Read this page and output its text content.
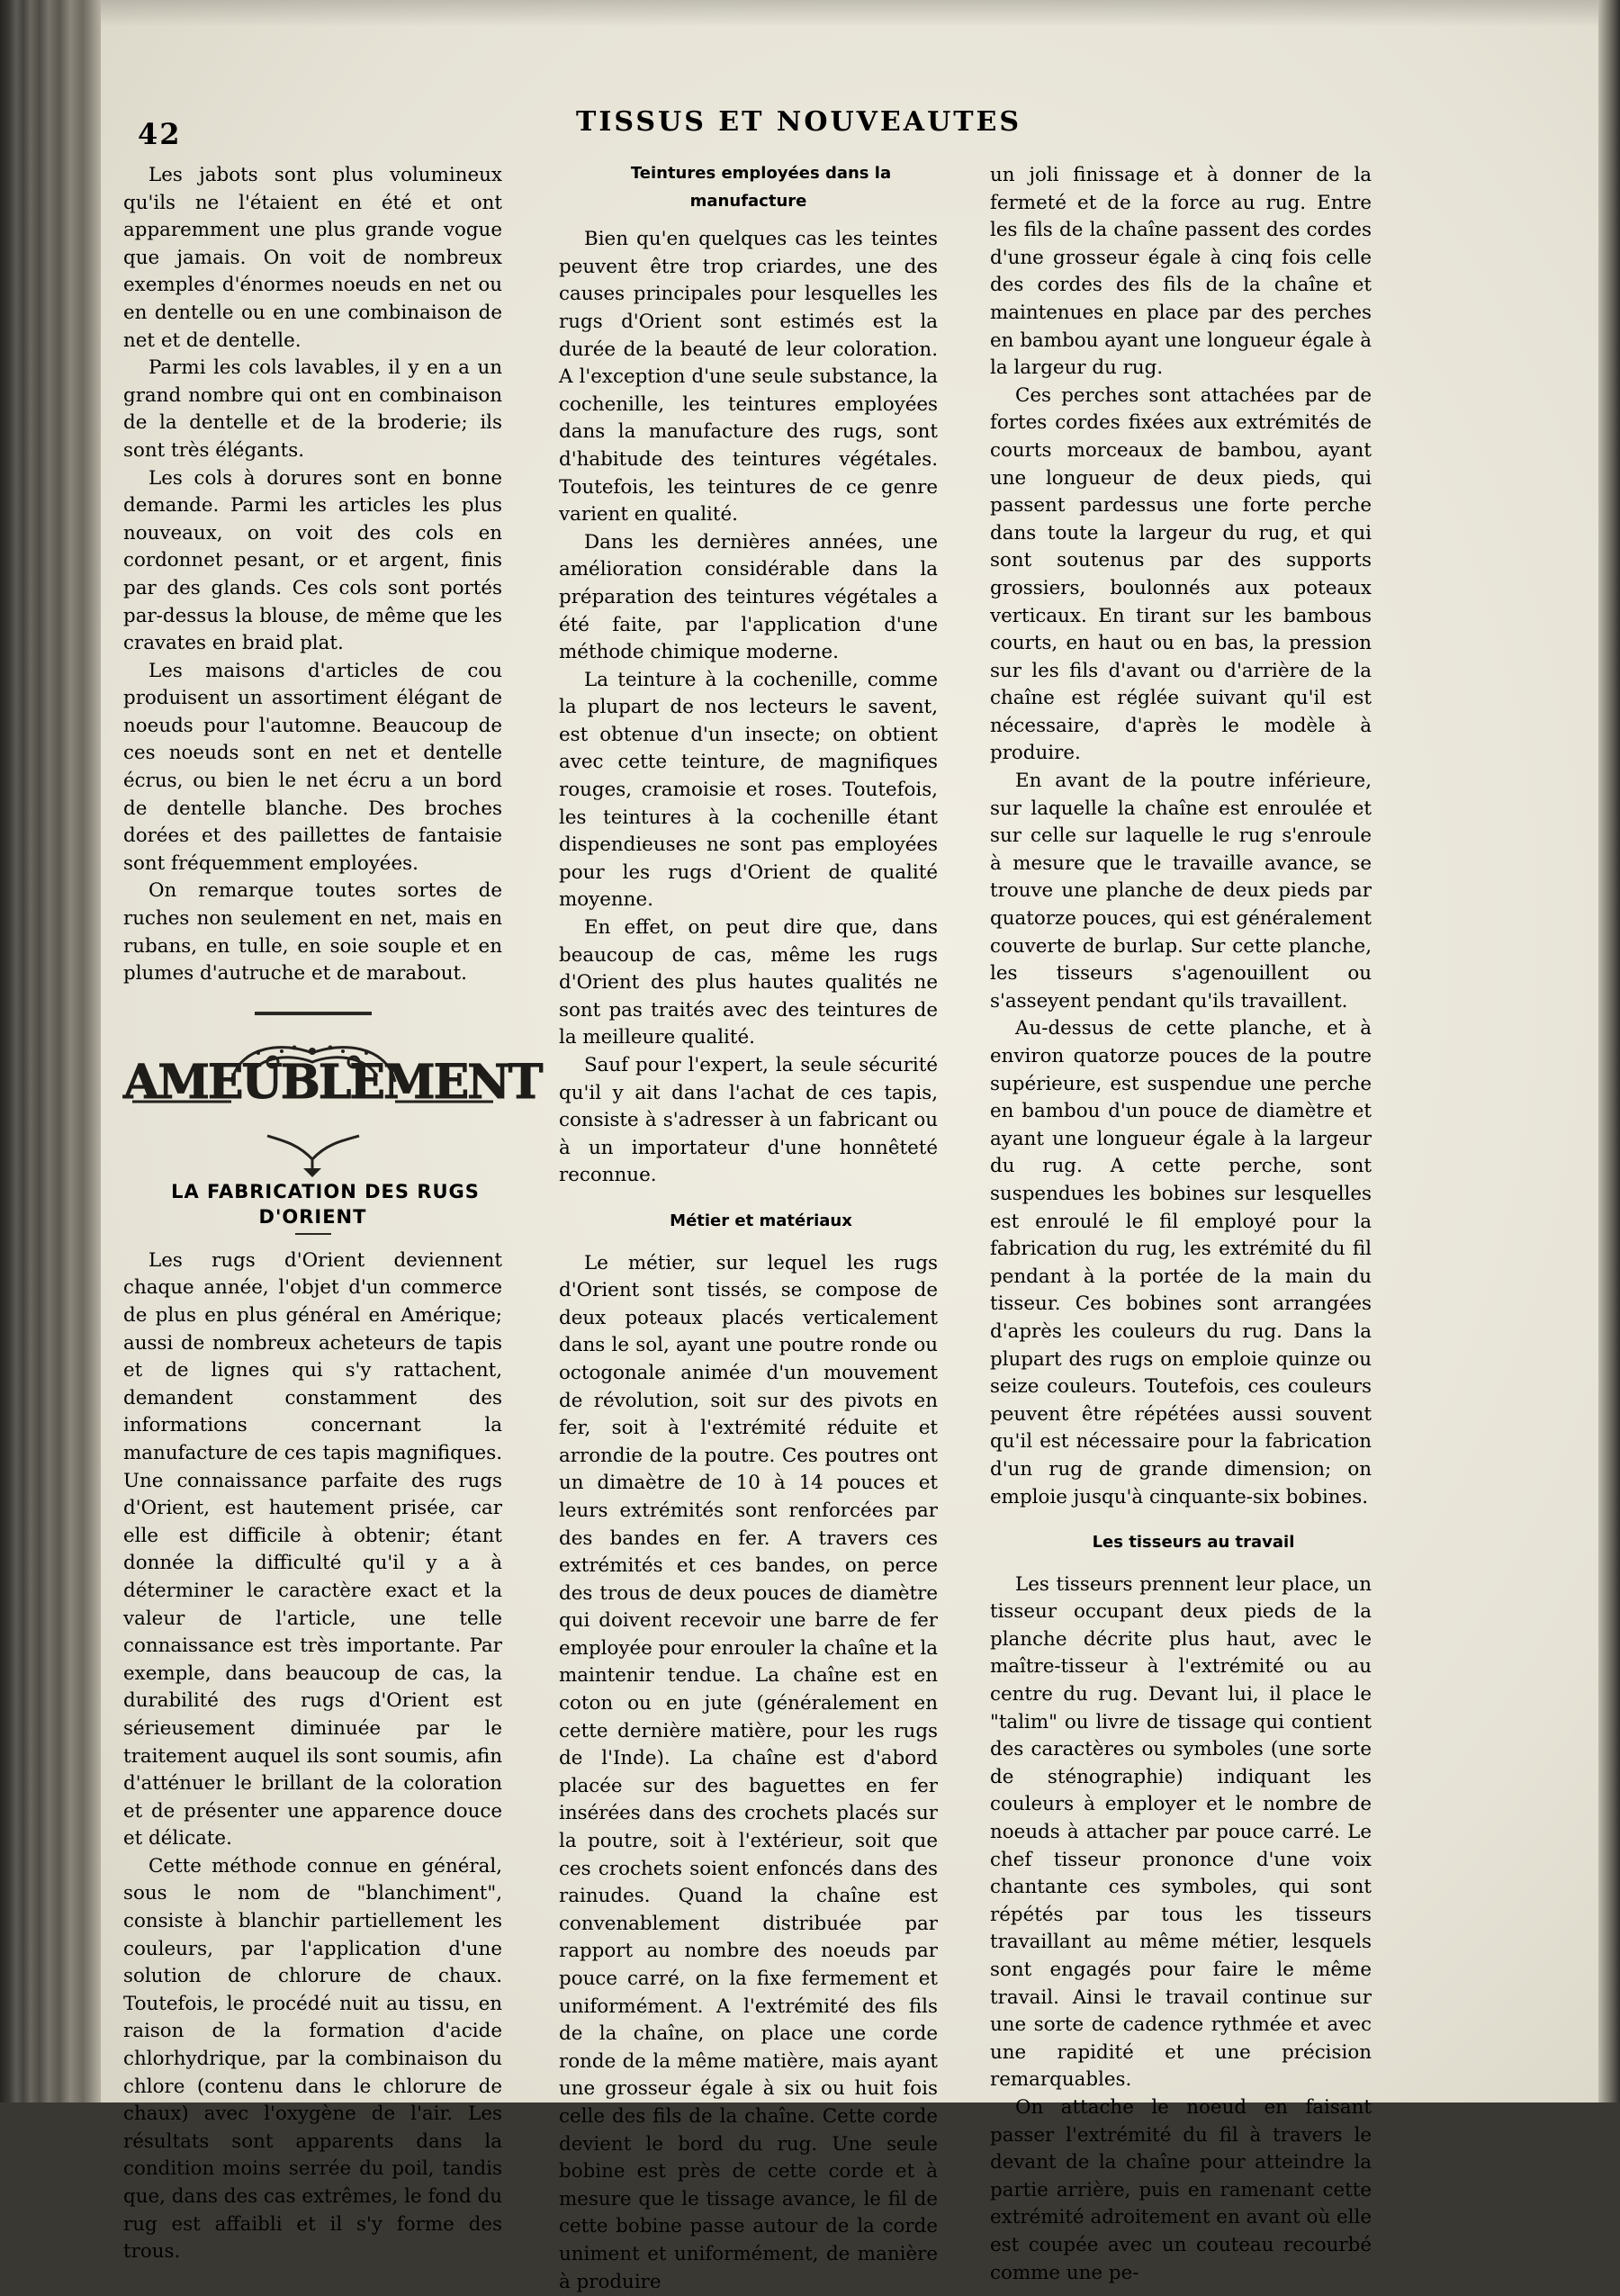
42	TISSUS ET NOUVEAUTES

Les jabots sont plus volumineux qu'ils ne l'étaient en été et ont apparemment une plus grande vogue que jamais. On voit de nombreux exemples d'énormes noeuds en net ou en dentelle ou en une combinaison de net et de dentelle.

Parmi les cols lavables, il y en a un grand nombre qui ont en combinaison de la dentelle et de la broderie; ils sont très élégants.

Les cols à dorures sont en bonne demande. Parmi les articles les plus nouveaux, on voit des cols en cordonnet pesant, or et argent, finis par des glands. Ces cols sont portés par-dessus la blouse, de même que les cravates en braid plat.

Les maisons d'articles de cou produisent un assortiment élégant de noeuds pour l'automne. Beaucoup de ces noeuds sont en net et dentelle écrus, ou bien le net écru a un bord de dentelle blanche. Des broches dorées et des paillettes de fantaisie sont fréquemment employées.

On remarque toutes sortes de ruches non seulement en net, mais en rubans, en tulle, en soie souple et en plumes d'autruche et de marabout.

AMEUBLEMENT

LA FABRICATION DES RUGS
D'ORIENT

Les rugs d'Orient deviennent chaque année, l'objet d'un commerce de plus en plus général en Amérique; aussi de nombreux acheteurs de tapis et de lignes qui s'y rattachent, demandent constamment des informations concernant la manufacture de ces tapis magnifiques. Une connaissance parfaite des rugs d'Orient, est hautement prisée, car elle est difficile à obtenir; étant donnée la difficulté qu'il y a à déterminer le caractère exact et la valeur de l'article, une telle connaissance est très importante. Par exemple, dans beaucoup de cas, la durabilité des rugs d'Orient est sérieusement diminuée par le traitement auquel ils sont soumis, afin d'atténuer le brillant de la coloration et de présenter une apparence douce et délicate.

Cette méthode connue en général, sous le nom de "blanchiment", consiste à blanchir partiellement les couleurs, par l'application d'une solution de chlorure de chaux. Toutefois, le procédé nuit au tissu, en raison de la formation d'acide chlorhydrique, par la combinaison du chlore (contenu dans le chlorure de chaux) avec l'oxygène de l'air. Les résultats sont apparents dans la condition moins serrée du poil, tandis que, dans des cas extrêmes, le fond du rug est affaibli et il s'y forme des trous.

Teintures employées dans la manufacture

Bien qu'en quelques cas les teintes peuvent être trop criardes, une des causes principales pour lesquelles les rugs d'Orient sont estimés est la durée de la beauté de leur coloration. A l'exception d'une seule substance, la cochenille, les teintures employées dans la manufacture des rugs, sont d'habitude des teintures végétales. Toutefois, les teintures de ce genre varient en qualité.

Dans les dernières années, une amélioration considérable dans la préparation des teintures végétales a été faite, par l'application d'une méthode chimique moderne.

La teinture à la cochenille, comme la plupart de nos lecteurs le savent, est obtenue d'un insecte; on obtient avec cette teinture, de magnifiques rouges, cramoisie et roses. Toutefois, les teintures à la cochenille étant dispendieuses ne sont pas employées pour les rugs d'Orient de qualité moyenne.

En effet, on peut dire que, dans beaucoup de cas, même les rugs d'Orient des plus hautes qualités ne sont pas traités avec des teintures de la meilleure qualité.

Sauf pour l'expert, la seule sécurité qu'il y ait dans l'achat de ces tapis, consiste à s'adresser à un fabricant ou à un importateur d'une honnêteté reconnue.

Métier et matériaux

Le métier, sur lequel les rugs d'Orient sont tissés, se compose de deux poteaux placés verticalement dans le sol, ayant une poutre ronde ou octogonale animée d'un mouvement de révolution, soit sur des pivots en fer, soit à l'extrémité réduite et arrondie de la poutre. Ces poutres ont un dimaètre de 10 à 14 pouces et leurs extrémités sont renforcées par des bandes en fer. A travers ces extrémités et ces bandes, on perce des trous de deux pouces de diamètre qui doivent recevoir une barre de fer employée pour enrouler la chaîne et la maintenir tendue. La chaîne est en coton ou en jute (généralement en cette dernière matière, pour les rugs de l'Inde). La chaîne est d'abord placée sur des baguettes en fer insérées dans des crochets placés sur la poutre, soit à l'extérieur, soit que ces crochets soient enfoncés dans des rainudes. Quand la chaîne est convenablement distribuée par rapport au nombre des noeuds par pouce carré, on la fixe fermement et uniformément. A l'extrémité des fils de la chaîne, on place une corde ronde de la même matière, mais ayant une grosseur égale à six ou huit fois celle des fils de la chaîne. Cette corde devient le bord du rug. Une seule bobine est près de cette corde et à mesure que le tissage avance, le fil de cette bobine passe autour de la corde uniment et uniformément, de manière à produire

un joli finissage et à donner de la fermeté et de la force au rug. Entre les fils de la chaîne passent des cordes d'une grosseur égale à cinq fois celle des cordes des fils de la chaîne et maintenues en place par des perches en bambou ayant une longueur égale à la largeur du rug.

Ces perches sont attachées par de fortes cordes fixées aux extrémités de courts morceaux de bambou, ayant une longueur de deux pieds, qui passent pardessus une forte perche dans toute la largeur du rug, et qui sont soutenus par des supports grossiers, boulonnés aux poteaux verticaux. En tirant sur les bambous courts, en haut ou en bas, la pression sur les fils d'avant ou d'arrière de la chaîne est réglée suivant qu'il est nécessaire, d'après le modèle à produire.

En avant de la poutre inférieure, sur laquelle la chaîne est enroulée et sur celle sur laquelle le rug s'enroule à mesure que le travaille avance, se trouve une planche de deux pieds par quatorze pouces, qui est généralement couverte de burlap. Sur cette planche, les tisseurs s'agenouillent ou s'asseyent pendant qu'ils travaillent.

Au-dessus de cette planche, et à environ quatorze pouces de la poutre supérieure, est suspendue une perche en bambou d'un pouce de diamètre et ayant une longueur égale à la largeur du rug. A cette perche, sont suspendues les bobines sur lesquelles est enroulé le fil employé pour la fabrication du rug, les extrémité du fil pendant à la portée de la main du tisseur. Ces bobines sont arrangées d'après les couleurs du rug. Dans la plupart des rugs on emploie quinze ou seize couleurs. Toutefois, ces couleurs peuvent être répétées aussi souvent qu'il est nécessaire pour la fabrication d'un rug de grande dimension; on emploie jusqu'à cinquante-six bobines.

Les tisseurs au travail

Les tisseurs prennent leur place, un tisseur occupant deux pieds de la planche décrite plus haut, avec le maître-tisseur à l'extrémité ou au centre du rug. Devant lui, il place le "talim" ou livre de tissage qui contient des caractères ou symboles (une sorte de sténographie) indiquant les couleurs à employer et le nombre de noeuds à attacher par pouce carré. Le chef tisseur prononce d'une voix chantante ces symboles, qui sont répétés par tous les tisseurs travaillant au même métier, lesquels sont engagés pour faire le même travail. Ainsi le travail continue sur une sorte de cadence rythmée et avec une rapidité et une précision remarquables.

On attache le noeud en faisant passer l'extrémité du fil à travers le devant de la chaîne pour atteindre la partie arrière, puis en ramenant cette extrémité adroitement en avant où elle est coupée avec un couteau recourbé comme une pe-
